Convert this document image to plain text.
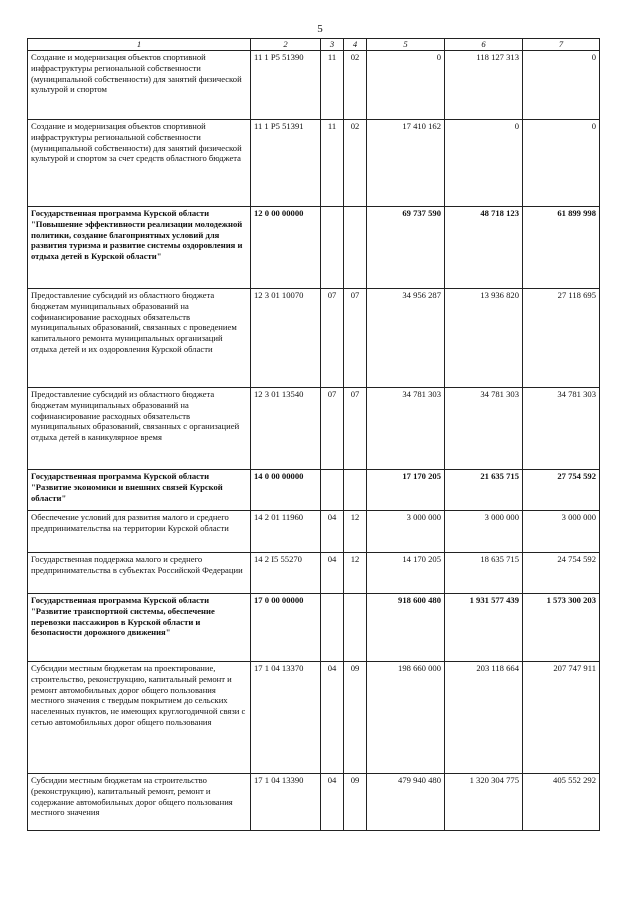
5
1	2	3	4	5	6	7
Создание и модернизация объектов спортивной инфраструктуры региональной собственности (муниципальной собственности) для занятий физической культурой и спортом	11 1 P5 51390	11	02	0	118 127 313	0
Создание и модернизация объектов спортивной инфраструктуры региональной собственности (муниципальной собственности) для занятий физической культурой и спортом за счет средств областного бюджета	11 1 P5 51391	11	02	17 410 162	0	0
Государственная программа Курской области "Повышение эффективности реализации молодежной политики, создание благоприятных условий для развития туризма и развитие системы оздоровления и отдыха детей в Курской области"	12 0 00 00000			69 737 590	48 718 123	61 899 998
Предоставление субсидий из областного бюджета бюджетам муниципальных образований на софинансирование расходных обязательств муниципальных образований, связанных с проведением капитального ремонта муниципальных организаций отдыха детей и их оздоровления Курской области	12 3 01 10070	07	07	34 956 287	13 936 820	27 118 695
Предоставление субсидий из областного бюджета бюджетам муниципальных образований на софинансирование расходных обязательств муниципальных образований, связанных с организацией отдыха детей в каникулярное время	12 3 01 13540	07	07	34 781 303	34 781 303	34 781 303
Государственная программа Курской области "Развитие экономики и внешних связей Курской области"	14 0 00 00000			17 170 205	21 635 715	27 754 592
Обеспечение условий для развития малого и среднего предпринимательства на территории Курской области	14 2 01 11960	04	12	3 000 000	3 000 000	3 000 000
Государственная поддержка малого и среднего предпринимательства в субъектах Российской Федерации	14 2 I5 55270	04	12	14 170 205	18 635 715	24 754 592
Государственная программа Курской области "Развитие транспортной системы, обеспечение перевозки пассажиров в Курской области и безопасности дорожного движения"	17 0 00 00000			918 600 480	1 931 577 439	1 573 300 203
Субсидии местным бюджетам на проектирование, строительство, реконструкцию, капитальный ремонт и ремонт автомобильных дорог общего пользования местного значения с твердым покрытием до сельских населенных пунктов, не имеющих круглогодичной связи с сетью автомобильных дорог общего пользования	17 1 04 13370	04	09	198 660 000	203 118 664	207 747 911
Субсидии местным бюджетам на строительство (реконструкцию), капитальный ремонт, ремонт и содержание автомобильных дорог общего пользования местного значения	17 1 04 13390	04	09	479 940 480	1 320 304 775	405 552 292
